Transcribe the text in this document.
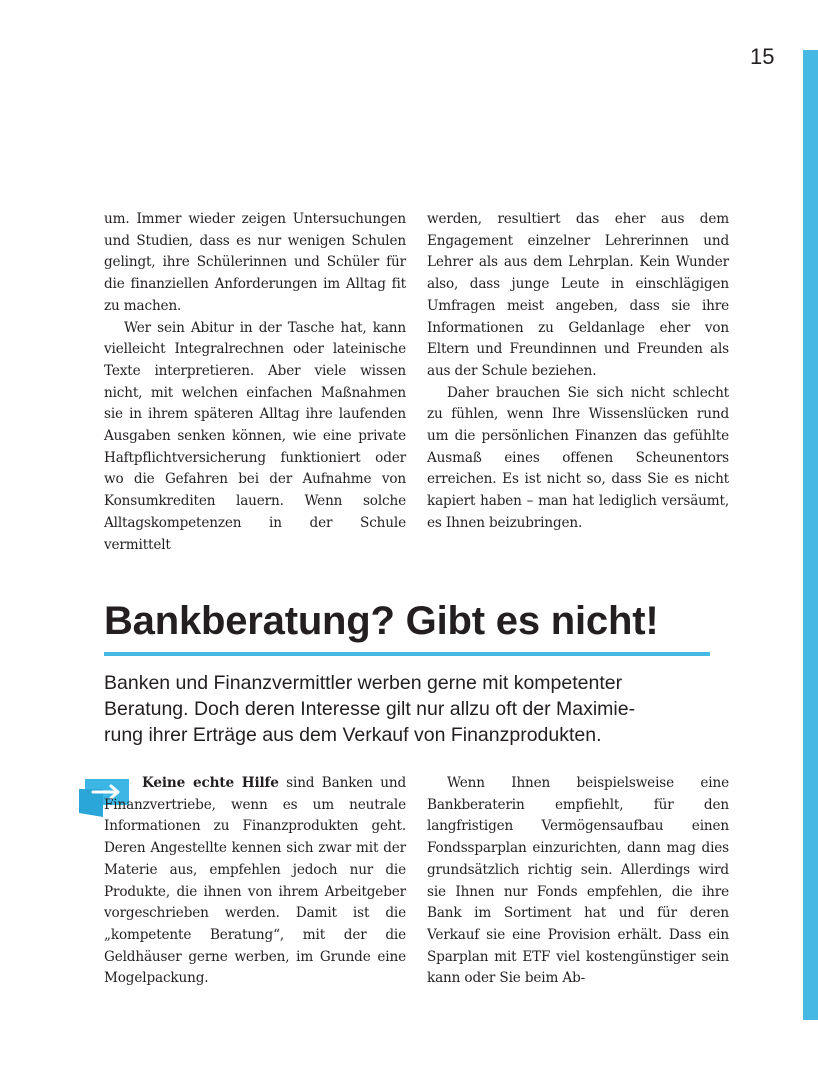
15

um. Immer wieder zeigen Untersuchungen und Studien, dass es nur wenigen Schulen gelingt, ihre Schülerinnen und Schüler für die finanziellen Anforderungen im Alltag fit zu machen.

Wer sein Abitur in der Tasche hat, kann vielleicht Integralrechnen oder lateinische Texte interpretieren. Aber viele wissen nicht, mit welchen einfachen Maßnahmen sie in ihrem späteren Alltag ihre laufenden Ausgaben senken können, wie eine private Haftpflichtversicherung funktioniert oder wo die Gefahren bei der Aufnahme von Konsumkrediten lauern. Wenn solche Alltagskompetenzen in der Schule vermittelt

werden, resultiert das eher aus dem Engagement einzelner Lehrerinnen und Lehrer als aus dem Lehrplan. Kein Wunder also, dass junge Leute in einschlägigen Umfragen meist angeben, dass sie ihre Informationen zu Geldanlage eher von Eltern und Freundinnen und Freunden als aus der Schule beziehen.

Daher brauchen Sie sich nicht schlecht zu fühlen, wenn Ihre Wissenslücken rund um die persönlichen Finanzen das gefühlte Ausmaß eines offenen Scheunentors erreichen. Es ist nicht so, dass Sie es nicht kapiert haben – man hat lediglich versäumt, es Ihnen beizubringen.

Bankberatung? Gibt es nicht!
Banken und Finanzvermittler werben gerne mit kompetenter
Beratung. Doch deren Interesse gilt nur allzu oft der Maximie-
rung ihrer Erträge aus dem Verkauf von Finanzprodukten.

Keine echte Hilfe sind Banken und Finanzvertriebe, wenn es um neutrale Informationen zu Finanzprodukten geht. Deren Angestellte kennen sich zwar mit der Materie aus, empfehlen jedoch nur die Produkte, die ihnen von ihrem Arbeitgeber vorgeschrieben werden. Damit ist die „kompetente Beratung“, mit der die Geldhäuser gerne werben, im Grunde eine Mogelpackung.

Wenn Ihnen beispielsweise eine Bankberaterin empfiehlt, für den langfristigen Vermögensaufbau einen Fondssparplan einzurichten, dann mag dies grundsätzlich richtig sein. Allerdings wird sie Ihnen nur Fonds empfehlen, die ihre Bank im Sortiment hat und für deren Verkauf sie eine Provision erhält. Dass ein Sparplan mit ETF viel kostengünstiger sein kann oder Sie beim Ab-
